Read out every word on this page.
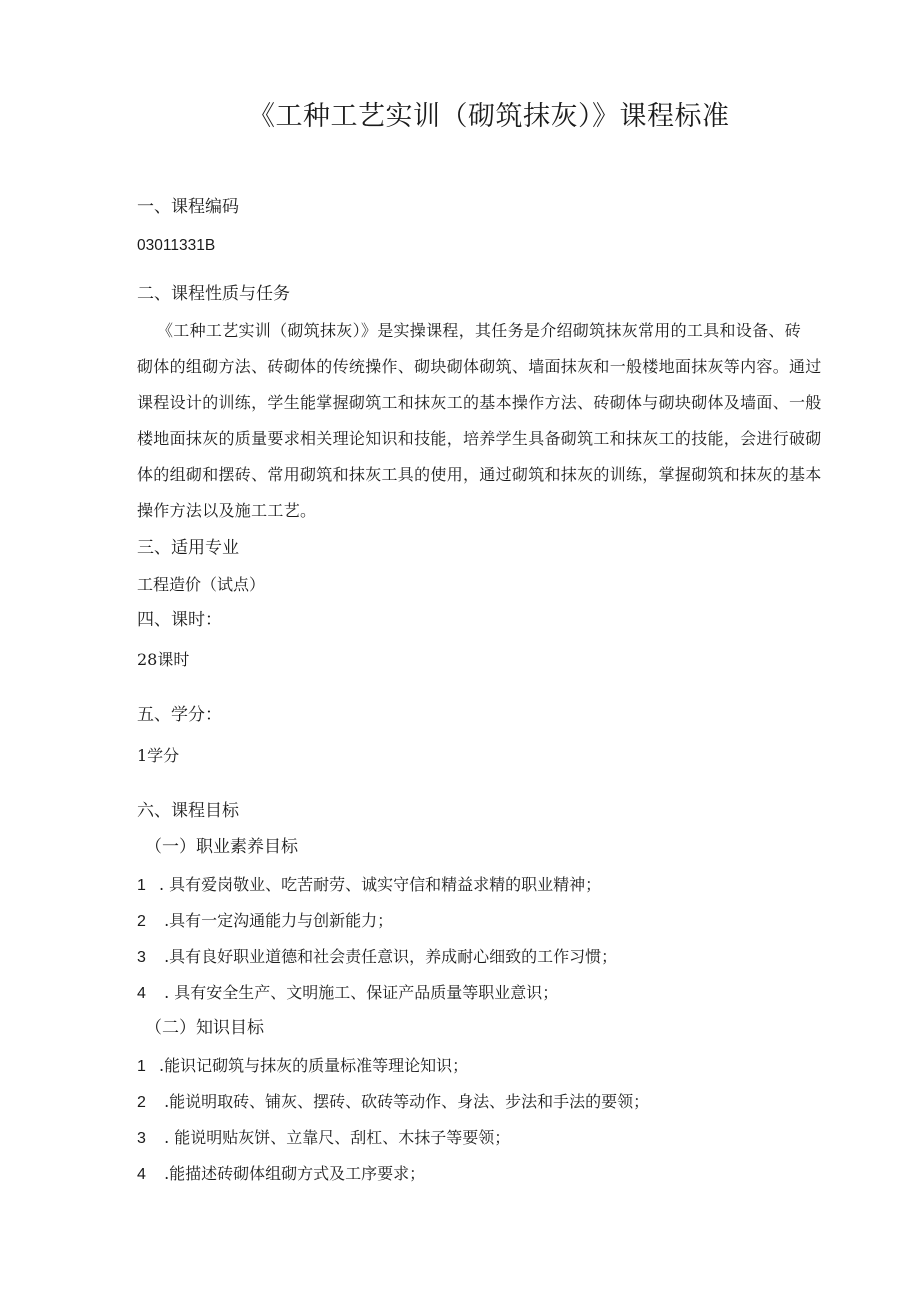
《工种工艺实训（砌筑抹灰）》课程标准
一、课程编码
03011331B
二、课程性质与任务
《工种工艺实训（砌筑抹灰）》是实操课程，其任务是介绍砌筑抹灰常用的工具和设备、砖
砌体的组砌方法、砖砌体的传统操作、砌块砌体砌筑、墙面抹灰和一般楼地面抹灰等内容。通过
课程设计的训练，学生能掌握砌筑工和抹灰工的基本操作方法、砖砌体与砌块砌体及墙面、一般
楼地面抹灰的质量要求相关理论知识和技能，培养学生具备砌筑工和抹灰工的技能，会进行破砌
体的组砌和摆砖、常用砌筑和抹灰工具的使用，通过砌筑和抹灰的训练，掌握砌筑和抹灰的基本
操作方法以及施工工艺。
三、适用专业
工程造价（试点）
四、课时：
28课时
五、学分：
1学分
六、课程目标
（一）职业素养目标
1 . 具有爱岗敬业、吃苦耐劳、诚实守信和精益求精的职业精神；
2 .具有一定沟通能力与创新能力；
3 .具有良好职业道德和社会责任意识，养成耐心细致的工作习惯；
4 . 具有安全生产、文明施工、保证产品质量等职业意识；
（二）知识目标
1 .能识记砌筑与抹灰的质量标准等理论知识；
2 .能说明取砖、铺灰、摆砖、砍砖等动作、身法、步法和手法的要领；
3 . 能说明贴灰饼、立靠尺、刮杠、木抹子等要领；
4 .能描述砖砌体组砌方式及工序要求；
